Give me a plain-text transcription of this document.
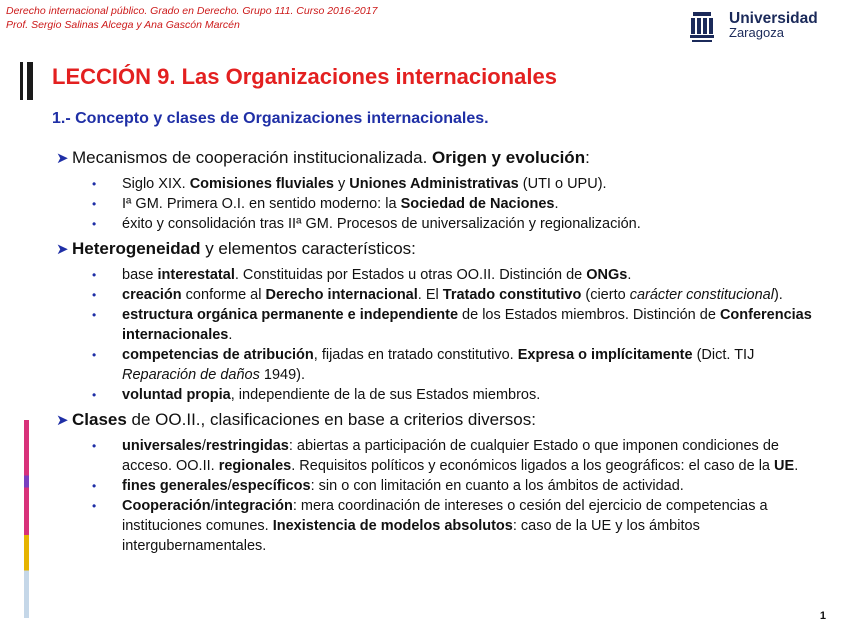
Derecho internacional público. Grado en Derecho. Grupo 111. Curso 2016-2017
Prof. Sergio Salinas Alcega y Ana Gascón Marcén	Universidad
Zaragoza
LECCIÓN 9. Las Organizaciones internacionales
1.- Concepto y clases de Organizaciones internacionales.
➤ Mecanismos de cooperación institucionalizada. Origen y evolución:
• Siglo XIX. Comisiones fluviales y Uniones Administrativas (UTI o UPU).
• Iª GM. Primera O.I. en sentido moderno: la Sociedad de Naciones.
• éxito y consolidación tras IIª GM. Procesos de universalización y regionalización.
➤ Heterogeneidad y elementos característicos:
• base interestatal. Constituidas por Estados u otras OO.II. Distinción de ONGs.
• creación conforme al Derecho internacional. El Tratado constitutivo (cierto carácter constitucional).
• estructura orgánica permanente e independiente de los Estados miembros. Distinción de Conferencias internacionales.
• competencias de atribución, fijadas en tratado constitutivo. Expresa o implícitamente (Dict. TIJ Reparación de daños 1949).
• voluntad propia, independiente de la de sus Estados miembros.
➤ Clases de OO.II., clasificaciones en base a criterios diversos:
• universales/restringidas: abiertas a participación de cualquier Estado o que imponen condiciones de acceso. OO.II. regionales. Requisitos políticos y económicos ligados a los geográficos: el caso de la UE.
• fines generales/específicos: sin o con limitación en cuanto a los ámbitos de actividad.
• Cooperación/integración: mera coordinación de intereses o cesión del ejercicio de competencias a instituciones comunes. Inexistencia de modelos absolutos: caso de la UE y los ámbitos intergubernamentales.
1
